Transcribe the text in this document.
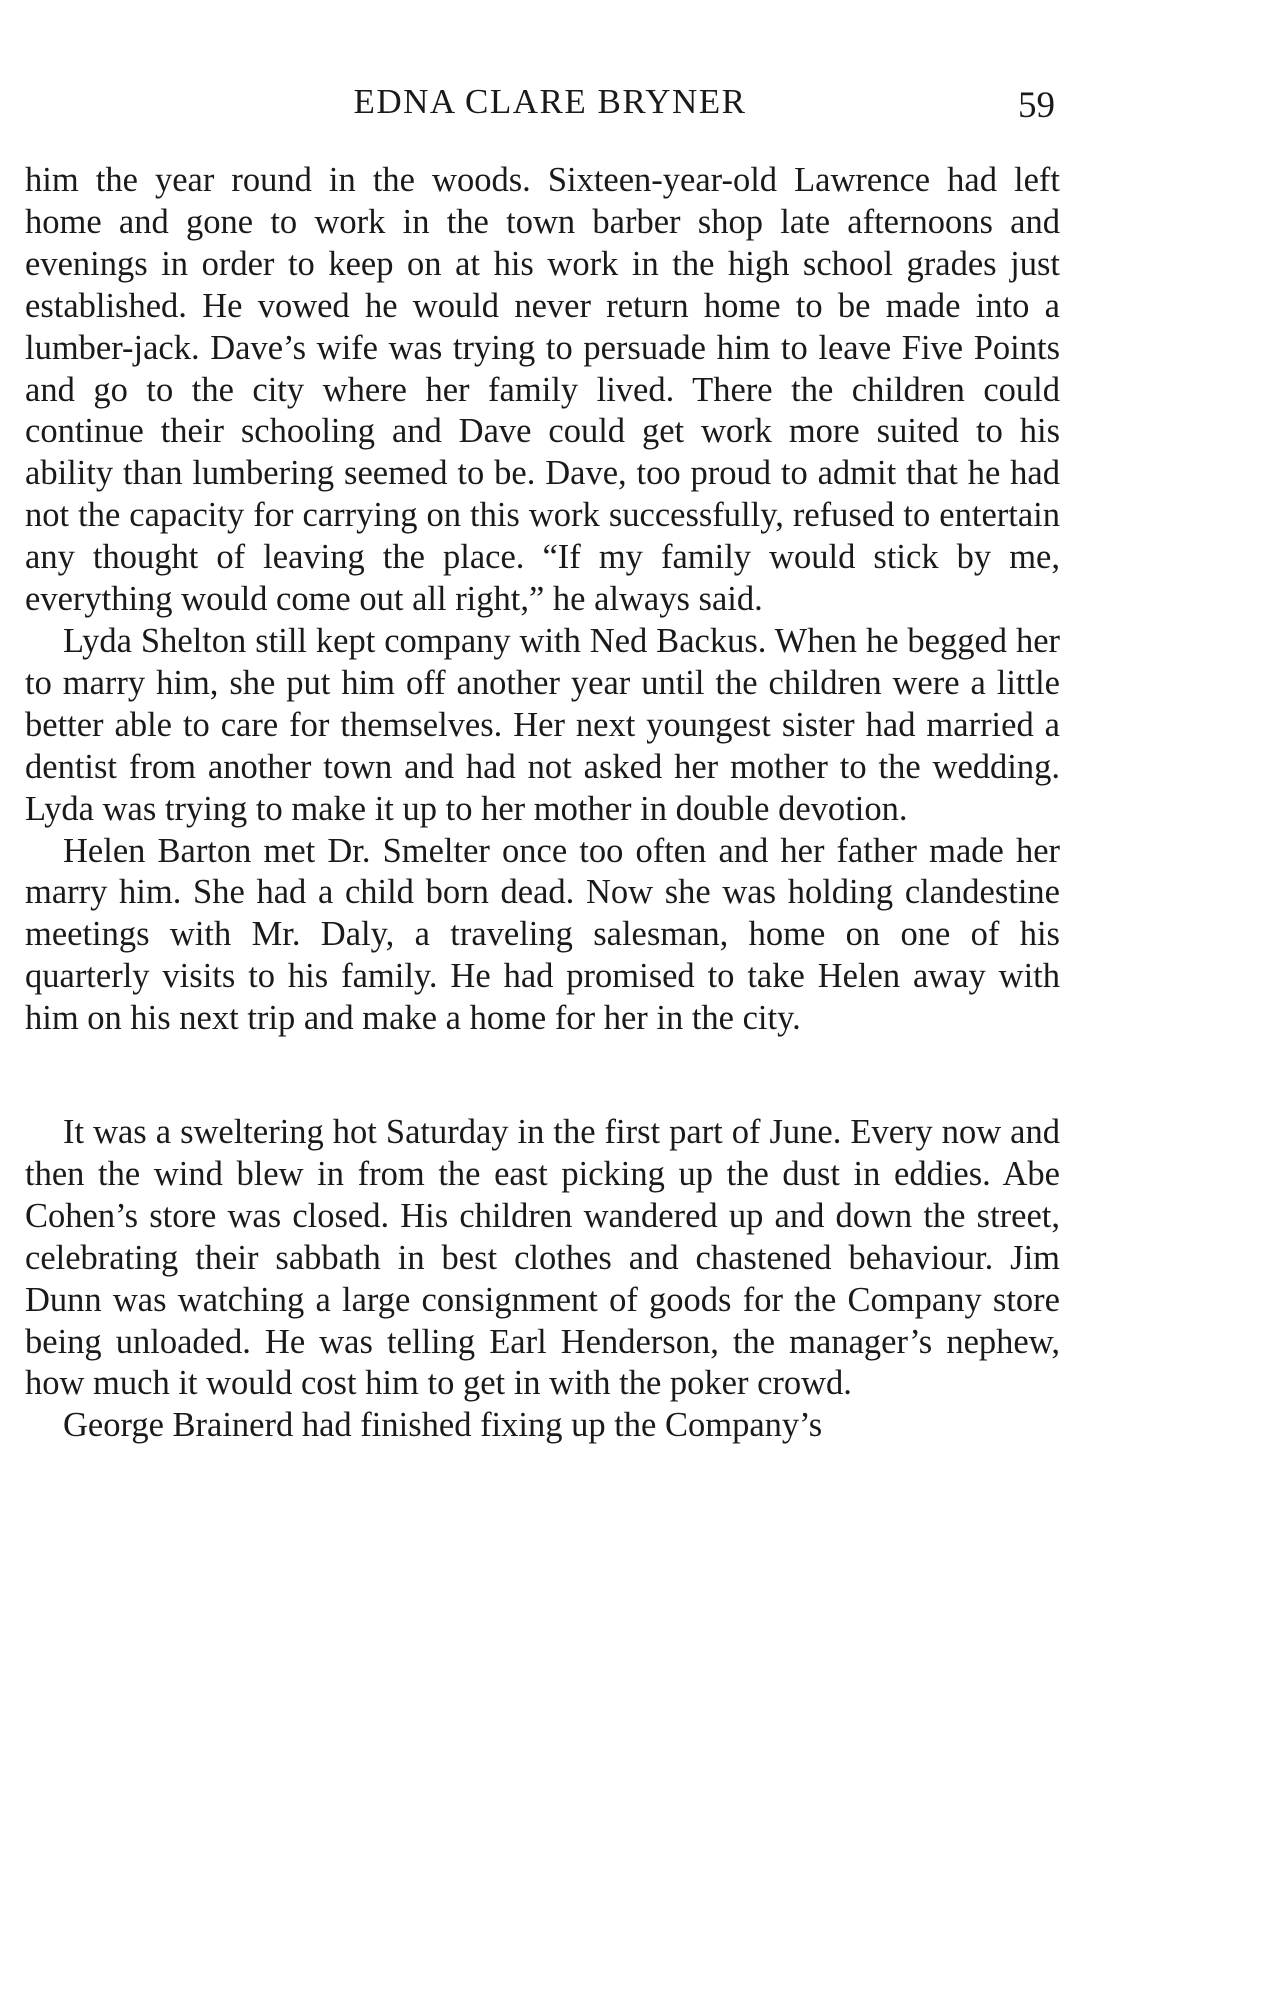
EDNA CLARE BRYNER	59

him the year round in the woods. Sixteen-year-old Lawrence had left home and gone to work in the town barber shop late afternoons and evenings in order to keep on at his work in the high school grades just established. He vowed he would never return home to be made into a lumber-jack. Dave’s wife was trying to persuade him to leave Five Points and go to the city where her family lived. There the children could continue their schooling and Dave could get work more suited to his ability than lumbering seemed to be. Dave, too proud to admit that he had not the capacity for carrying on this work successfully, refused to entertain any thought of leaving the place. “If my family would stick by me, everything would come out all right,” he always said.

Lyda Shelton still kept company with Ned Backus. When he begged her to marry him, she put him off another year until the children were a little better able to care for themselves. Her next youngest sister had married a dentist from another town and had not asked her mother to the wedding. Lyda was trying to make it up to her mother in double devotion.

Helen Barton met Dr. Smelter once too often and her father made her marry him. She had a child born dead. Now she was holding clandestine meetings with Mr. Daly, a traveling salesman, home on one of his quarterly visits to his family. He had promised to take Helen away with him on his next trip and make a home for her in the city.

It was a sweltering hot Saturday in the first part of June. Every now and then the wind blew in from the east picking up the dust in eddies. Abe Cohen’s store was closed. His children wandered up and down the street, celebrating their sabbath in best clothes and chastened behaviour. Jim Dunn was watching a large consignment of goods for the Company store being unloaded. He was telling Earl Henderson, the manager’s nephew, how much it would cost him to get in with the poker crowd.

George Brainerd had finished fixing up the Company’s
